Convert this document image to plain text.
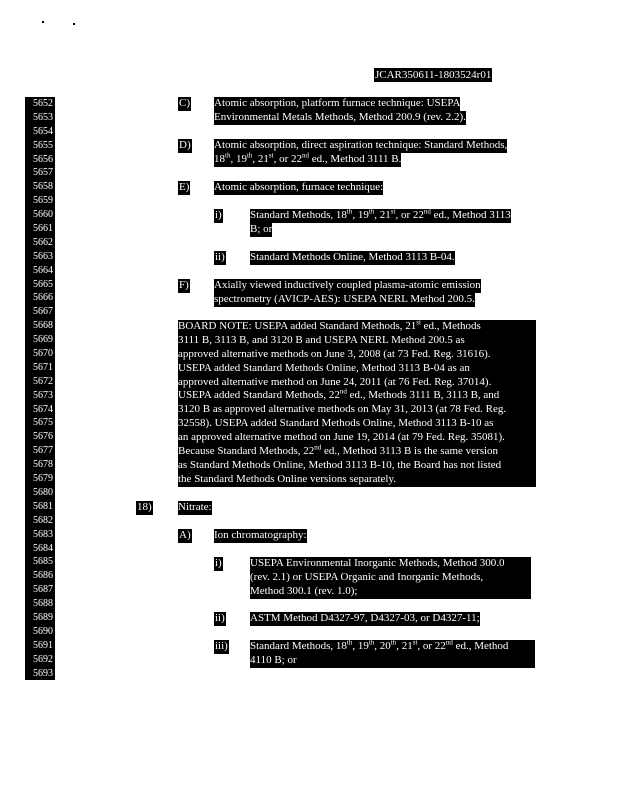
JCAR350611-1803524r01
5652
5653
5654
5655
5656
5657
5658
5659
5660
5661
5662
5663
5664
5665
5666
5667
5668
5669
5670
5671
5672
5673
5674
5675
5676
5677
5678
5679
5680
5681
5682
5683
5684
5685
5686
5687
5688
5689
5690
5691
5692
5693
C) Atomic absorption, platform furnace technique: USEPA
Environmental Metals Methods, Method 200.9 (rev. 2.2).
D) Atomic absorption, direct aspiration technique: Standard Methods,
18th, 19th, 21st, or 22nd ed., Method 3111 B.
E) Atomic absorption, furnace technique:
i)	Standard Methods, 18th, 19th, 21st, or 22nd ed., Method 3113
B; or
ii) Standard Methods Online, Method 3113 B-04.
F) Axially viewed inductively coupled plasma-atomic emission
spectrometry (AVICP-AES): USEPA NERL Method 200.5.
BOARD NOTE: USEPA added Standard Methods, 21st ed., Methods
3111 B, 3113 B, and 3120 B and USEPA NERL Method 200.5 as
approved alternative methods on June 3, 2008 (at 73 Fed. Reg. 31616).
USEPA added Standard Methods Online, Method 3113 B-04 as an
approved alternative method on June 24, 2011 (at 76 Fed. Reg. 37014).
USEPA added Standard Methods, 22nd ed., Methods 3111 B, 3113 B, and
3120 B as approved alternative methods on May 31, 2013 (at 78 Fed. Reg.
32558). USEPA added Standard Methods Online, Method 3113 B-10 as
an approved alternative method on June 19, 2014 (at 79 Fed. Reg. 35081).
Because Standard Methods, 22nd ed., Method 3113 B is the same version
as Standard Methods Online, Method 3113 B-10, the Board has not listed
the Standard Methods Online versions separately.
18) Nitrate:
A) Ion chromatography:
i)	USEPA Environmental Inorganic Methods, Method 300.0
(rev. 2.1) or USEPA Organic and Inorganic Methods,
Method 300.1 (rev. 1.0);
ii) ASTM Method D4327-97, D4327-03, or D4327-11;
iii) Standard Methods, 18th, 19th, 20th, 21st, or 22nd ed., Method
4110 B; or
